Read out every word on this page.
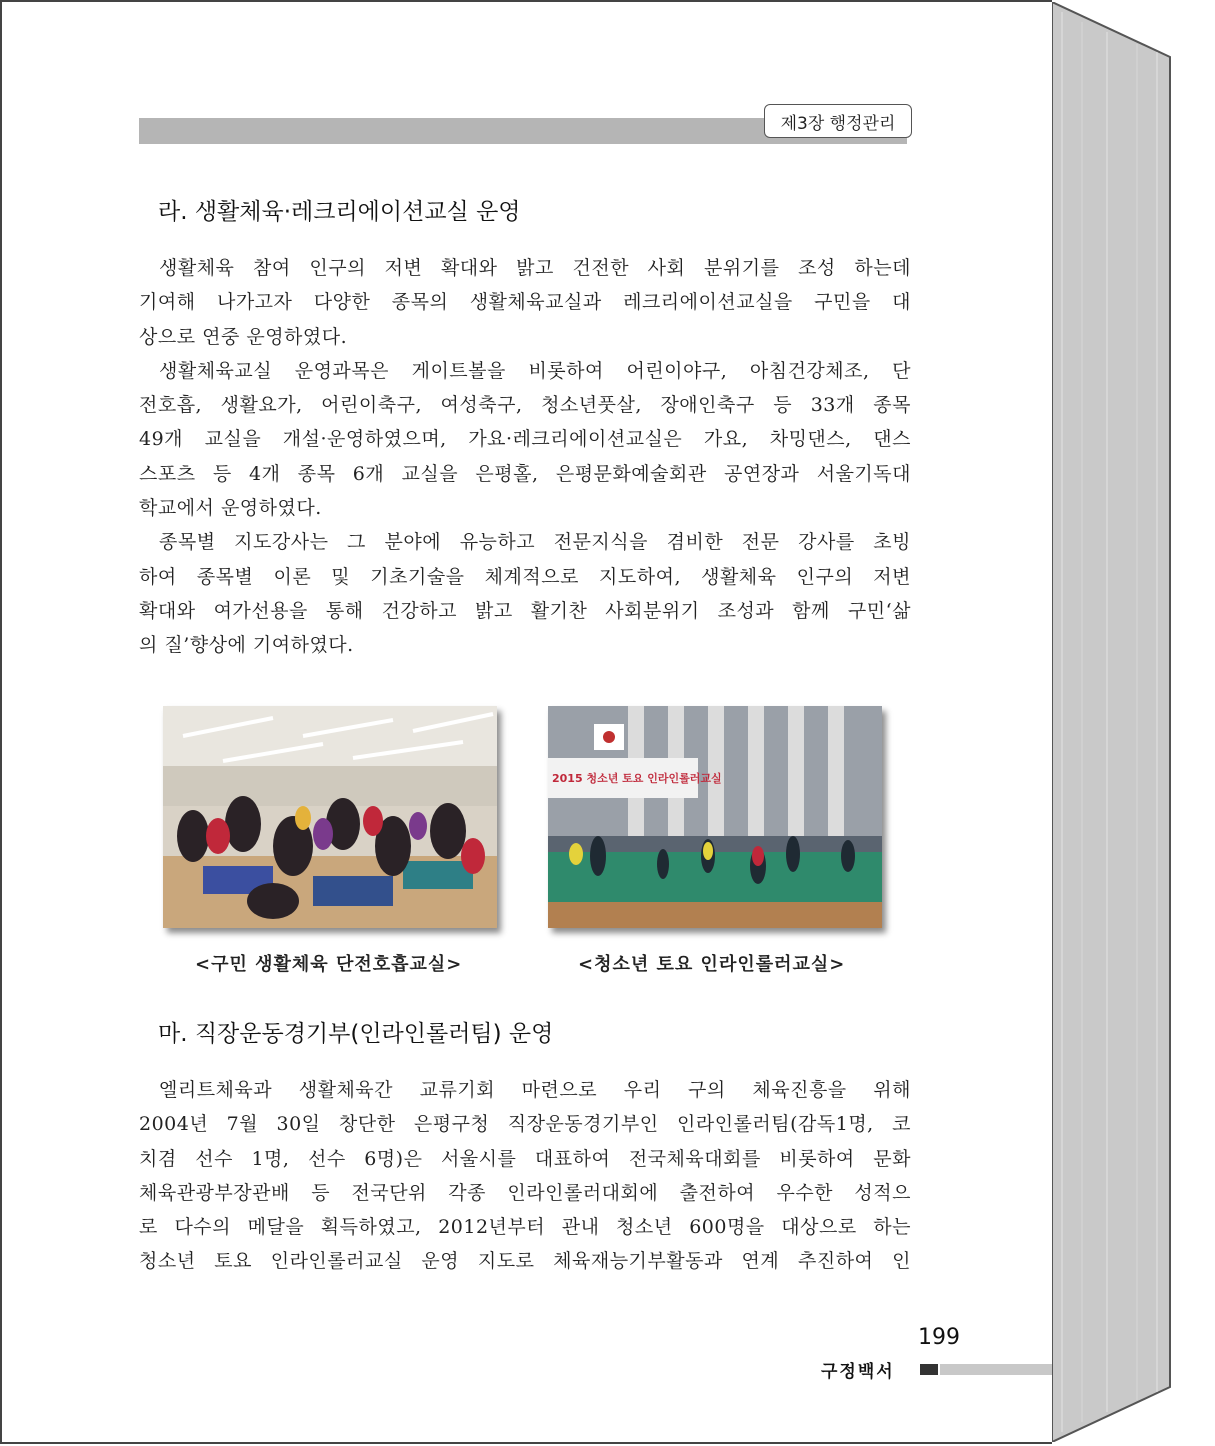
제3장 행정관리
라. 생활체육·레크리에이션교실 운영
생활체육 참여 인구의 저변 확대와 밝고 건전한 사회 분위기를 조성 하는데
기여해 나가고자 다양한 종목의 생활체육교실과 레크리에이션교실을 구민을 대
상으로 연중 운영하였다.
생활체육교실 운영과목은 게이트볼을 비롯하여 어린이야구, 아침건강체조, 단
전호흡, 생활요가, 어린이축구, 여성축구, 청소년풋살, 장애인축구 등 33개 종목
49개 교실을 개설·운영하였으며, 가요·레크리에이션교실은 가요, 차밍댄스, 댄스
스포츠 등 4개 종목 6개 교실을 은평홀, 은평문화예술회관 공연장과 서울기독대
학교에서 운영하였다.
종목별 지도강사는 그 분야에 유능하고 전문지식을 겸비한 전문 강사를 초빙
하여 종목별 이론 및 기초기술을 체계적으로 지도하여, 생활체육 인구의 저변
확대와 여가선용을 통해 건강하고 밝고 활기찬 사회분위기 조성과 함께 구민‘삶
의 질’향상에 기여하였다.
2015 청소년 토요 인라인롤러교실
<구민 생활체육 단전호흡교실>	<청소년 토요 인라인롤러교실>
마. 직장운동경기부(인라인롤러팀) 운영
엘리트체육과 생활체육간 교류기회 마련으로 우리 구의 체육진흥을 위해
2004년 7월 30일 창단한 은평구청 직장운동경기부인 인라인롤러팀(감독1명, 코
치겸 선수 1명, 선수 6명)은 서울시를 대표하여 전국체육대회를 비롯하여 문화
체육관광부장관배 등 전국단위 각종 인라인롤러대회에 출전하여 우수한 성적으
로 다수의 메달을 획득하였고, 2012년부터 관내 청소년 600명을 대상으로 하는
청소년 토요 인라인롤러교실 운영 지도로 체육재능기부활동과 연계 추진하여 인
199
구정백서
